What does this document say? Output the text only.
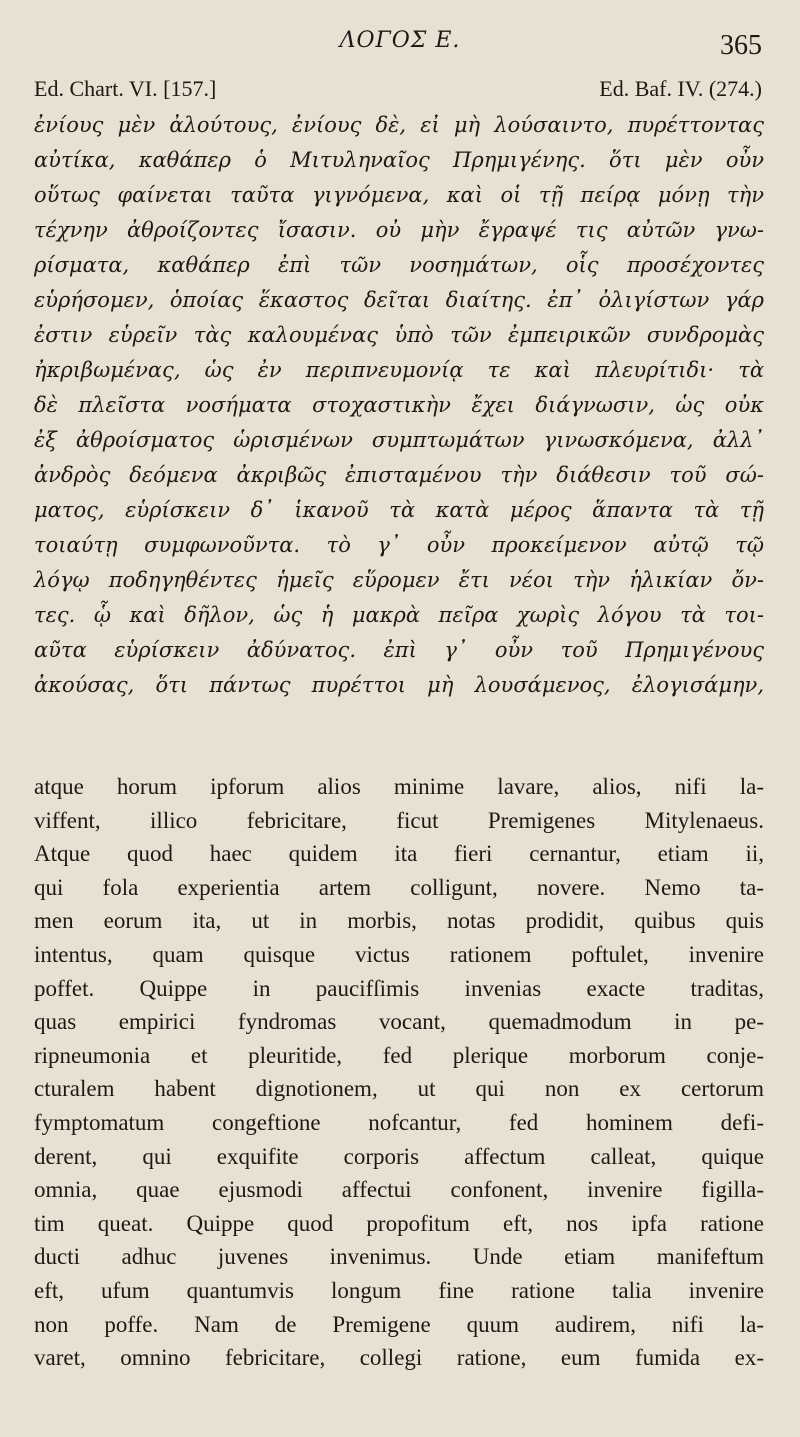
ΛΟΓΟΣ Ε.	365
Ed. Chart. VI. [157.]	Ed. Baf. IV. (274.)
ἐνίους μὲν ἀλούτους, ἐνίους δὲ, εἰ μὴ λούσαιντο, πυρέττοντας
αὐτίκα, καθάπερ ὁ Μιτυληναῖος Πρημιγένης. ὅτι μὲν οὖν
οὕτως φαίνεται ταῦτα γιγνόμενα, καὶ οἱ τῇ πείρᾳ μόνῃ τὴν
τέχνην ἀθροίζοντες ἴσασιν. οὐ μὴν ἔγραψέ τις αὐτῶν γνω-
ρίσματα, καθάπερ ἐπὶ τῶν νοσημάτων, οἷς προσέχοντες
εὑρήσομεν, ὁποίας ἕκαστος δεῖται διαίτης. ἐπ᾽ ὀλιγίστων γάρ
ἐστιν εὑρεῖν τὰς καλουμένας ὑπὸ τῶν ἐμπειρικῶν συνδρομὰς
ἠκριβωμένας, ὡς ἐν περιπνευμονίᾳ τε καὶ πλευρίτιδι· τὰ
δὲ πλεῖστα νοσήματα στοχαστικὴν ἔχει διάγνωσιν, ὡς οὐκ
ἐξ ἀθροίσματος ὡρισμένων συμπτωμάτων γινωσκόμενα, ἀλλ᾽
ἀνδρὸς δεόμενα ἀκριβῶς ἐπισταμένου τὴν διάθεσιν τοῦ σώ-
ματος, εὑρίσκειν δ᾽ ἱκανοῦ τὰ κατὰ μέρος ἅπαντα τὰ τῇ
τοιαύτῃ συμφωνοῦντα. τὸ γ᾽ οὖν προκείμενον αὐτῷ τῷ
λόγῳ ποδηγηθέντες ἡμεῖς εὕρομεν ἔτι νέοι τὴν ἡλικίαν ὄν-
τες. ᾧ καὶ δῆλον, ὡς ἡ μακρὰ πεῖρα χωρὶς λόγου τὰ τοι-
αῦτα εὑρίσκειν ἀδύνατος. ἐπὶ γ᾽ οὖν τοῦ Πρημιγένους
ἀκούσας, ὅτι πάντως πυρέττοι μὴ λουσάμενος, ἐλογισάμην,
atque horum ipforum alios minime lavare, alios, nifi la-
viffent, illico febricitare, ficut Premigenes Mitylenaeus.
Atque quod haec quidem ita fieri cernantur, etiam ii,
qui fola experientia artem colligunt, novere. Nemo ta-
men eorum ita, ut in morbis, notas prodidit, quibus quis
intentus, quam quisque victus rationem poftulet, invenire
poffet. Quippe in paucifſimis invenias exacte traditas,
quas empirici fyndromas vocant, quemadmodum in pe-
ripneumonia et pleuritide, fed plerique morborum conje-
cturalem habent dignotionem, ut qui non ex certorum
fymptomatum congeftione nofcantur, fed hominem defi-
derent, qui exquifite corporis affectum calleat, quique
omnia, quae ejusmodi affectui confonent, invenire figilla-
tim queat. Quippe quod propofitum eft, nos ipfa ratione
ducti adhuc juvenes invenimus. Unde etiam manifeftum
eft, ufum quantumvis longum fine ratione talia invenire
non poffe. Nam de Premigene quum audirem, nifi la-
varet, omnino febricitare, collegi ratione, eum fumida ex-
